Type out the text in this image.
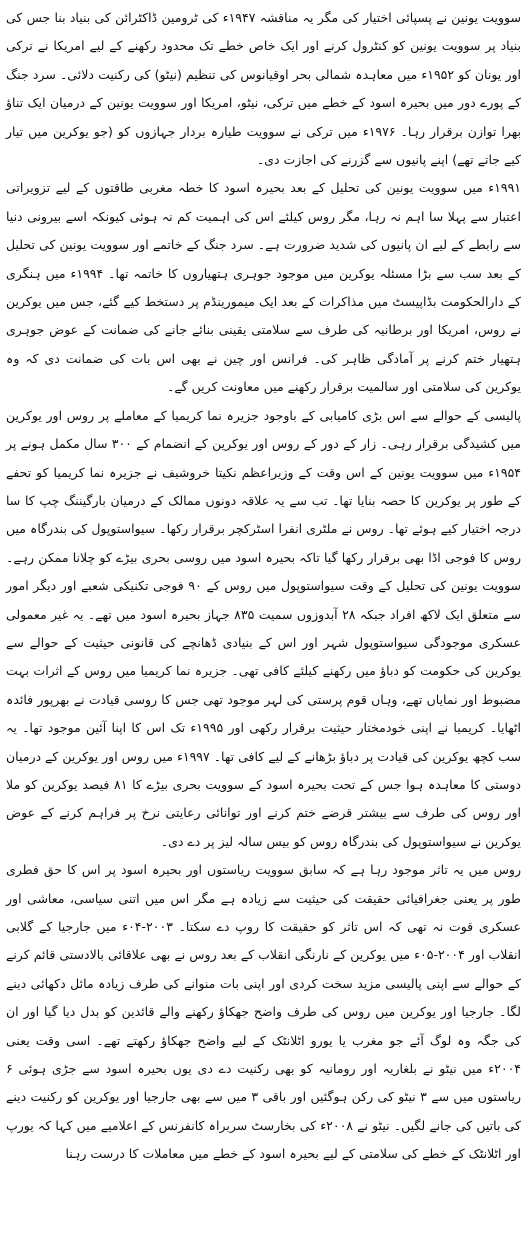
سوویت یونین نے پسپائی اختیار کی مگر یہ مناقشہ ۱۹۴۷ء کی ٹرومین ڈاکٹرائن کی بنیاد بنا جس کی بنیاد پر سوویت یونین کو کنٹرول کرنے اور ایک خاص خطے تک محدود رکھنے کے لیے امریکا نے ترکی اور یونان کو ۱۹۵۲ء میں معاہدہ شمالی بحر اوقیانوس کی تنظیم (نیٹو) کی رکنیت دلائی۔ سرد جنگ کے پورے دور میں بحیرہ اسود کے خطے میں ترکی، نیٹو، امریکا اور سوویت یونین کے درمیان ایک تناؤ بھرا توازن برقرار رہا۔ ۱۹۷۶ء میں ترکی نے سوویت طیارہ بردار جہازوں کو (جو یوکرین میں تیار کیے جاتے تھے) اپنے پانیوں سے گزرنے کی اجازت دی۔

۱۹۹۱ء میں سوویت یونین کی تحلیل کے بعد بحیرہ اسود کا خطہ مغربی طاقتوں کے لیے تزویراتی اعتبار سے پہلا سا اہم نہ رہا، مگر روس کیلئے اس کی اہمیت کم نہ ہوئی کیونکہ اسے بیرونی دنیا سے رابطے کے لیے ان پانیوں کی شدید ضرورت ہے۔ سرد جنگ کے خاتمے اور سوویت یونین کی تحلیل کے بعد سب سے بڑا مسئلہ یوکرین میں موجود جوہری ہتھیاروں کا خاتمہ تھا۔ ۱۹۹۴ء میں ہنگری کے دارالحکومت بڈاپیسٹ میں مذاکرات کے بعد ایک میمورینڈم پر دستخط کیے گئے، جس میں یوکرین نے روس، امریکا اور برطانیہ کی طرف سے سلامتی یقینی بنائے جانے کی ضمانت کے عوض جوہری ہتھیار ختم کرنے پر آمادگی ظاہر کی۔ فرانس اور چین نے بھی اس بات کی ضمانت دی کہ وہ یوکرین کی سلامتی اور سالمیت برقرار رکھنے میں معاونت کریں گے۔

پالیسی کے حوالے سے اس بڑی کامیابی کے باوجود جزیرہ نما کریمیا کے معاملے پر روس اور یوکرین میں کشیدگی برقرار رہی۔ زار کے دور کے روس اور یوکرین کے انضمام کے ۳۰۰ سال مکمل ہونے پر ۱۹۵۴ء میں سوویت یونین کے اس وقت کے وزیراعظم نکیتا خروشیف نے جزیرہ نما کریمیا کو تحفے کے طور پر یوکرین کا حصہ بنایا تھا۔ تب سے یہ علاقہ دونوں ممالک کے درمیان بارگیننگ چپ کا سا درجہ اختیار کیے ہوئے تھا۔ روس نے ملٹری انفرا اسٹرکچر برقرار رکھا۔ سیواستوپول کی بندرگاہ میں روس کا فوجی اڈا بھی برقرار رکھا گیا تاکہ بحیرہ اسود میں روسی بحری بیڑے کو چلانا ممکن رہے۔ سوویت یونین کی تحلیل کے وقت سیواستوپول میں روس کے ۹۰ فوجی تکنیکی شعبے اور دیگر امور سے متعلق ایک لاکھ افراد جبکہ ۲۸ آبدوزوں سمیت ۸۳۵ جہاز بحیرہ اسود میں تھے۔ یہ غیر معمولی عسکری موجودگی سیواستوپول شہر اور اس کے بنیادی ڈھانچے کی قانونی حیثیت کے حوالے سے یوکرین کی حکومت کو دباؤ میں رکھنے کیلئے کافی تھی۔ جزیرہ نما کریمیا میں روس کے اثرات بہت مضبوط اور نمایاں تھے، وہاں قوم پرستی کی لہر موجود تھی جس کا روسی قیادت نے بھرپور فائدہ اٹھایا۔ کریمیا نے اپنی خودمختار حیثیت برقرار رکھی اور ۱۹۹۵ء تک اس کا اپنا آئین موجود تھا۔ یہ سب کچھ یوکرین کی قیادت پر دباؤ بڑھانے کے لیے کافی تھا۔ ۱۹۹۷ء میں روس اور یوکرین کے درمیان دوستی کا معاہدہ ہوا جس کے تحت بحیرہ اسود کے سوویت بحری بیڑے کا ۸۱ فیصد یوکرین کو ملا اور روس کی طرف سے بیشتر قرضے ختم کرنے اور توانائی رعایتی نرخ پر فراہم کرنے کے عوض یوکرین نے سیواستوپول کی بندرگاہ روس کو بیس سالہ لیز پر دے دی۔

روس میں یہ تاثر موجود رہا ہے کہ سابق سوویت ریاستوں اور بحیرہ اسود پر اس کا حق فطری طور پر یعنی جغرافیائی حقیقت کی حیثیت سے زیادہ ہے مگر اس میں اتنی سیاسی، معاشی اور عسکری قوت نہ تھی کہ اس تاثر کو حقیقت کا روپ دے سکتا۔ ۲۰۰۳-۰۴ء میں جارجیا کے گلابی انقلاب اور ۲۰۰۴-۰۵ء میں یوکرین کے نارنگی انقلاب کے بعد روس نے بھی علاقائی بالادستی قائم کرنے کے حوالے سے اپنی پالیسی مزید سخت کردی اور اپنی بات منوانے کی طرف زیادہ مائل دکھائی دینے لگا۔ جارجیا اور یوکرین میں روس کی طرف واضح جھکاؤ رکھنے والے قائدین کو بدل دیا گیا اور ان کی جگہ وہ لوگ آئے جو مغرب یا یورو اٹلانٹک کے لیے واضح جھکاؤ رکھتے تھے۔ اسی وقت یعنی ۲۰۰۴ء میں نیٹو نے بلغاریہ اور رومانیہ کو بھی رکنیت دے دی یوں بحیرہ اسود سے جڑی ہوئی ۶ ریاستوں میں سے ۳ نیٹو کی رکن ہوگئیں اور باقی ۳ میں سے بھی جارجیا اور یوکرین کو رکنیت دینے کی باتیں کی جانے لگیں۔ نیٹو نے ۲۰۰۸ء کی بخارسٹ سربراہ کانفرنس کے اعلامیے میں کہا کہ یورپ اور اٹلانٹک کے خطے کی سلامتی کے لیے بحیرہ اسود کے خطے میں معاملات کا درست رہنا
